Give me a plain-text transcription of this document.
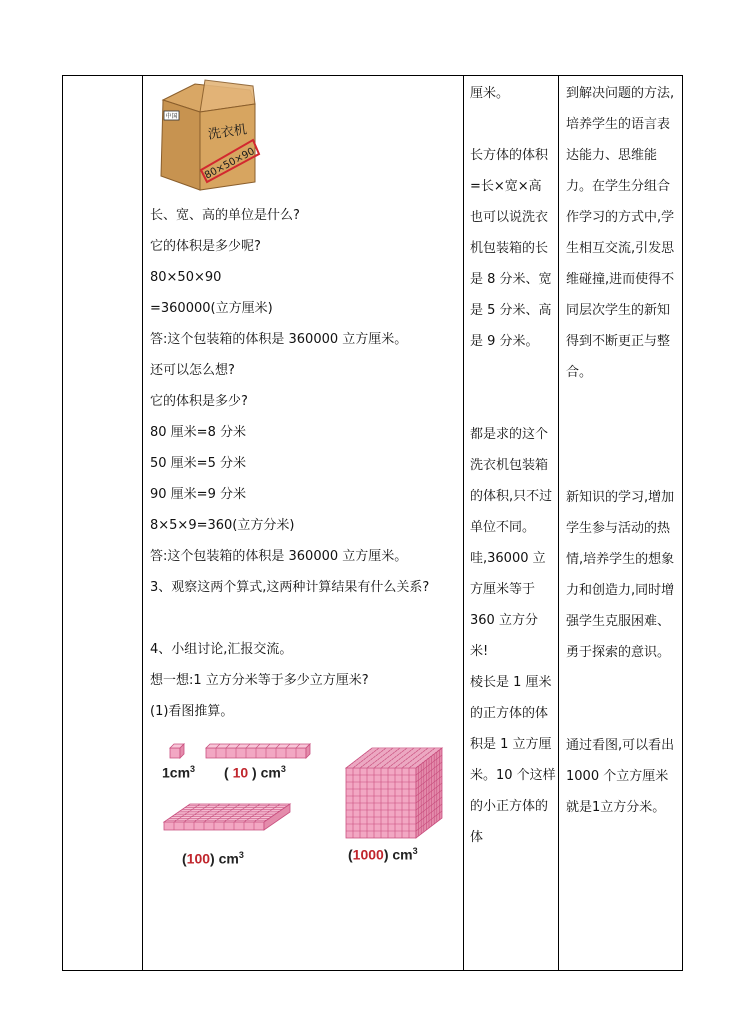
中国
洗衣机
80×50×90

长、宽、高的单位是什么?

它的体积是多少呢?

80×50×90

=360000(立方厘米)

答:这个包装箱的体积是 360000 立方厘米。

还可以怎么想?

它的体积是多少?

80 厘米=8 分米

50 厘米=5 分米

90 厘米=9 分米

8×5×9=360(立方分米)

答:这个包装箱的体积是 360000 立方厘米。

3、观察这两个算式,这两种计算结果有什么关系?

4、小组讨论,汇报交流。

想一想:1 立方分米等于多少立方厘米?

(1)看图推算。

$1cm^3$ ( 10 ) $cm^3$
(100) $cm^3$	(1000) $cm^3$

厘米。

长方体的体积=长×宽×高

也可以说洗衣机包装箱的长是 8 分米、宽是 5 分米、高是 9 分米。

都是求的这个洗衣机包装箱的体积,只不过单位不同。

哇,36000 立方厘米等于 360 立方分米!

棱长是 1 厘米的正方体的体积是 1 立方厘米。10 个这样的小正方体的体

到解决问题的方法,培养学生的语言表达能力、思维能力。在学生分组合作学习的方式中,学生相互交流,引发思维碰撞,进而使得不同层次学生的新知得到不断更正与整合。

新知识的学习,增加学生参与活动的热情,培养学生的想象力和创造力,同时增强学生克服困难、勇于探索的意识。

通过看图,可以看出 1000 个立方厘米就是1立方分米。
